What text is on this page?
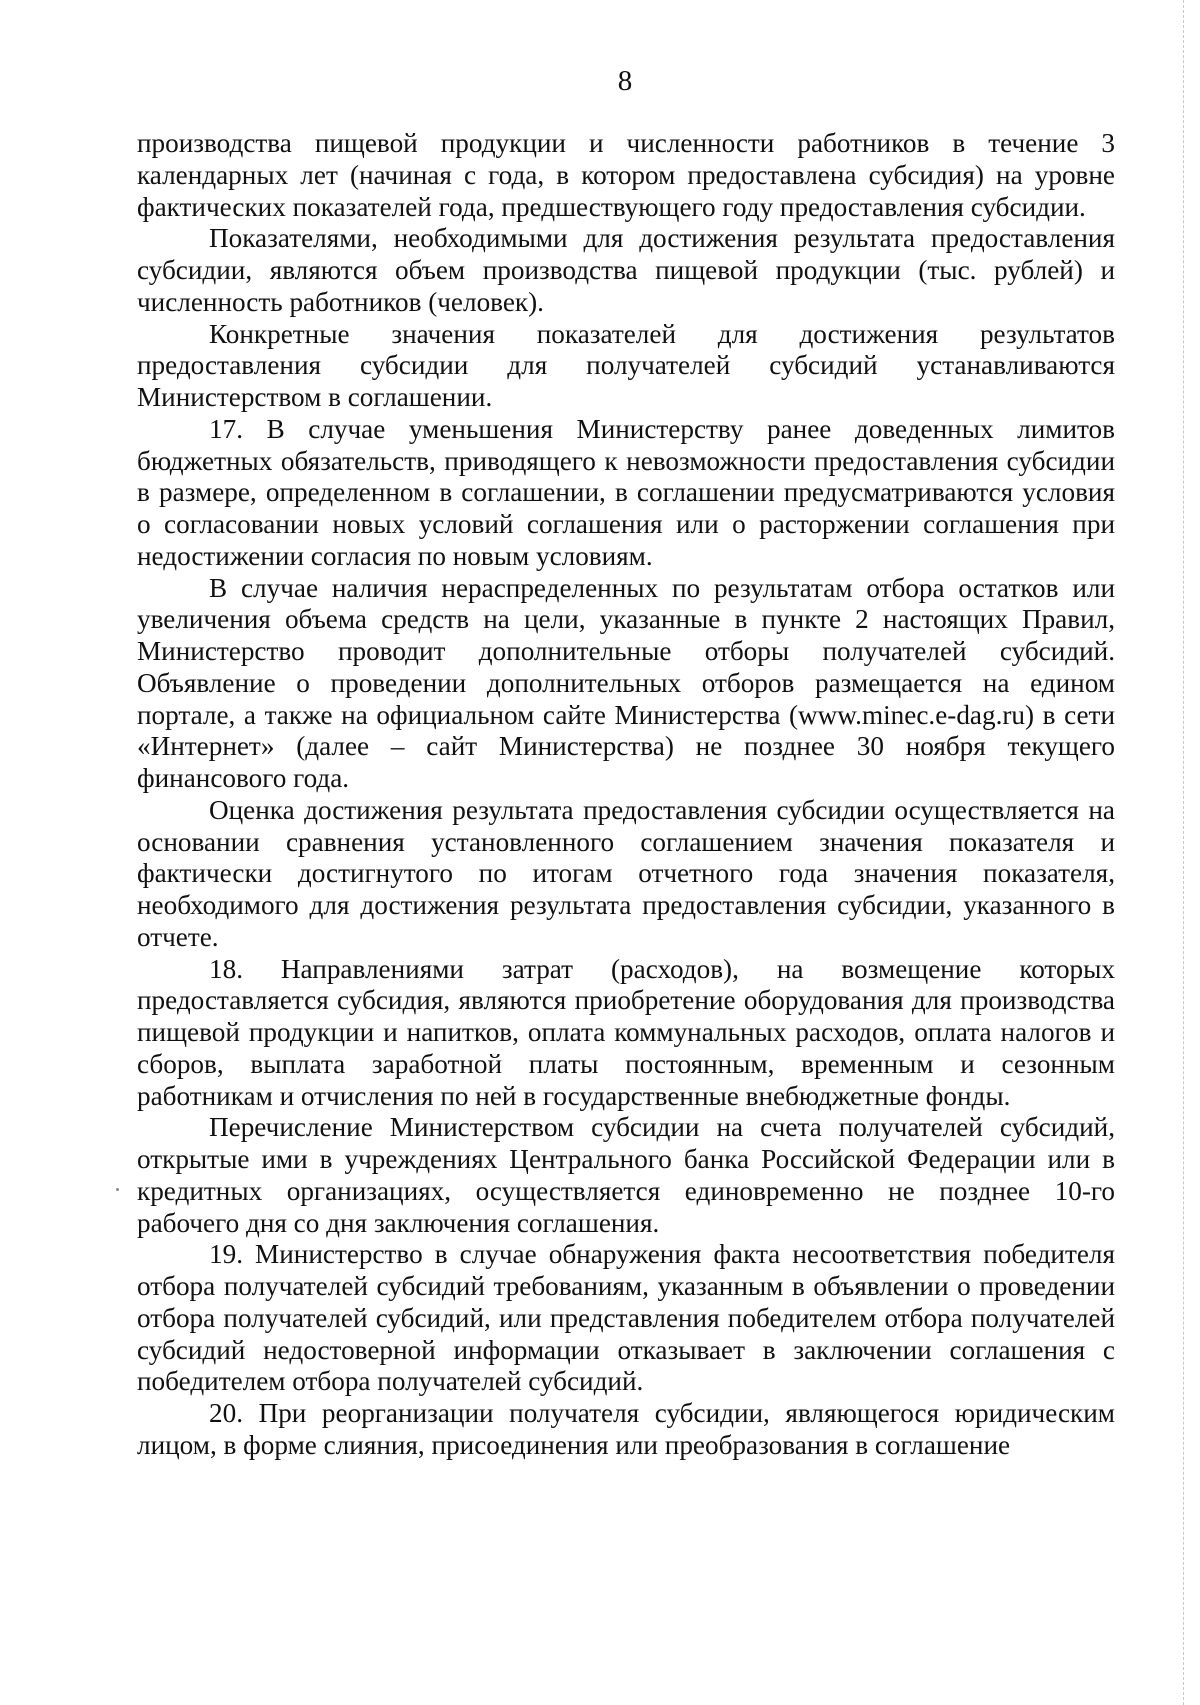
8

производства пищевой продукции и численности работников в течение 3 календарных лет (начиная с года, в котором предоставлена субсидия) на уровне фактических показателей года, предшествующего году предоставления субсидии.

Показателями, необходимыми для достижения результата предоставления субсидии, являются объем производства пищевой продукции (тыс. рублей) и численность работников (человек).

Конкретные значения показателей для достижения результатов предоставления субсидии для получателей субсидий устанавливаются Министерством в соглашении.

17. В случае уменьшения Министерству ранее доведенных лимитов бюджетных обязательств, приводящего к невозможности предоставления субсидии в размере, определенном в соглашении, в соглашении предусматриваются условия о согласовании новых условий соглашения или о расторжении соглашения при недостижении согласия по новым условиям.

В случае наличия нераспределенных по результатам отбора остатков или увеличения объема средств на цели, указанные в пункте 2 настоящих Правил, Министерство проводит дополнительные отборы получателей субсидий. Объявление о проведении дополнительных отборов размещается на едином портале, а также на официальном сайте Министерства (www.minec.e-dag.ru) в сети «Интернет» (далее – сайт Министерства) не позднее 30 ноября текущего финансового года.

Оценка достижения результата предоставления субсидии осуществляется на основании сравнения установленного соглашением значения показателя и фактически достигнутого по итогам отчетного года значения показателя, необходимого для достижения результата предоставления субсидии, указанного в отчете.

18. Направлениями затрат (расходов), на возмещение которых предоставляется субсидия, являются приобретение оборудования для производства пищевой продукции и напитков, оплата коммунальных расходов, оплата налогов и сборов, выплата заработной платы постоянным, временным и сезонным работникам и отчисления по ней в государственные внебюджетные фонды.

Перечисление Министерством субсидии на счета получателей субсидий, открытые ими в учреждениях Центрального банка Российской Федерации или в кредитных организациях, осуществляется единовременно не позднее 10-го рабочего дня со дня заключения соглашения.

19. Министерство в случае обнаружения факта несоответствия победителя отбора получателей субсидий требованиям, указанным в объявлении о проведении отбора получателей субсидий, или представления победителем отбора получателей субсидий недостоверной информации отказывает в заключении соглашения с победителем отбора получателей субсидий.

20. При реорганизации получателя субсидии, являющегося юридическим лицом, в форме слияния, присоединения или преобразования в соглашение
